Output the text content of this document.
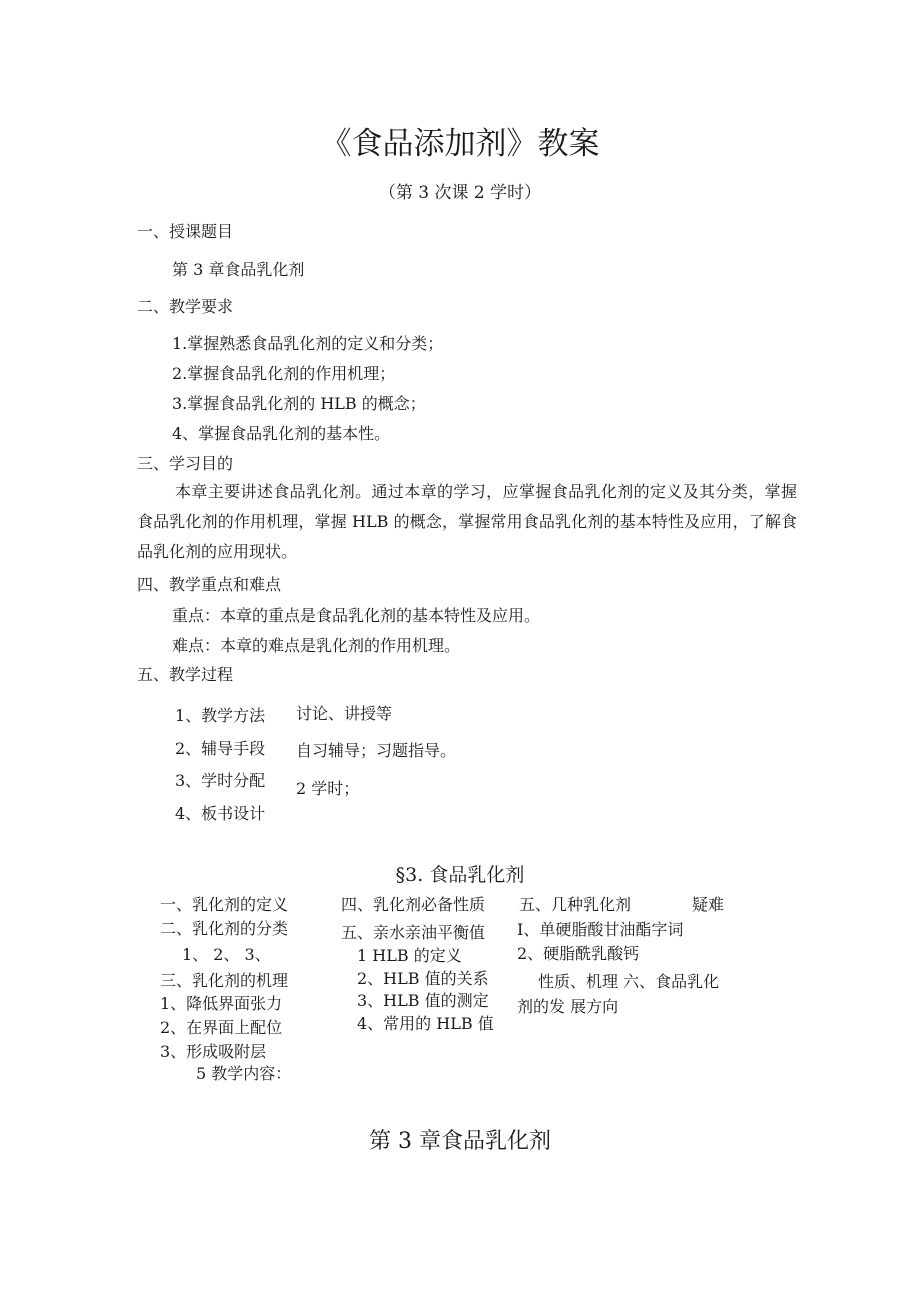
《食品添加剂》教案
（第 3 次课 2 学时）
一、授课题目
第 3 章食品乳化剂
二、教学要求
1.掌握熟悉食品乳化剂的定义和分类；
2.掌握食品乳化剂的作用机理；
3.掌握食品乳化剂的 HLB 的概念；
4、掌握食品乳化剂的基本性。
三、学习目的
本章主要讲述食品乳化剂。通过本章的学习，应掌握食品乳化剂的定义及其分类，掌握食品乳化剂的作用机理，掌握 HLB 的概念，掌握常用食品乳化剂的基本特性及应用，了解食品乳化剂的应用现状。
四、教学重点和难点
重点：本章的重点是食品乳化剂的基本特性及应用。
难点：本章的难点是乳化剂的作用机理。
五、教学过程
1、教学方法
2、辅导手段
3、学时分配
4、板书设计
讨论、讲授等
自习辅导；习题指导。
2 学时；
§3. 食品乳化剂
一、乳化剂的定义
二、乳化剂的分类
1、 2、 3、
三、乳化剂的机理
1、降低界面张力
2、在界面上配位
3、形成吸附层
5 教学内容：
四、乳化剂必备性质
五、亲水亲油平衡值
1 HLB 的定义
2、HLB 值的关系
3、HLB 值的测定
4、常用的 HLB 值
五、几种乳化剂	疑难
I、单硬脂酸甘油酯字词
2、硬脂酰乳酸钙
性质、机理 六、食品乳化
剂的发 展方向
第 3 章食品乳化剂
